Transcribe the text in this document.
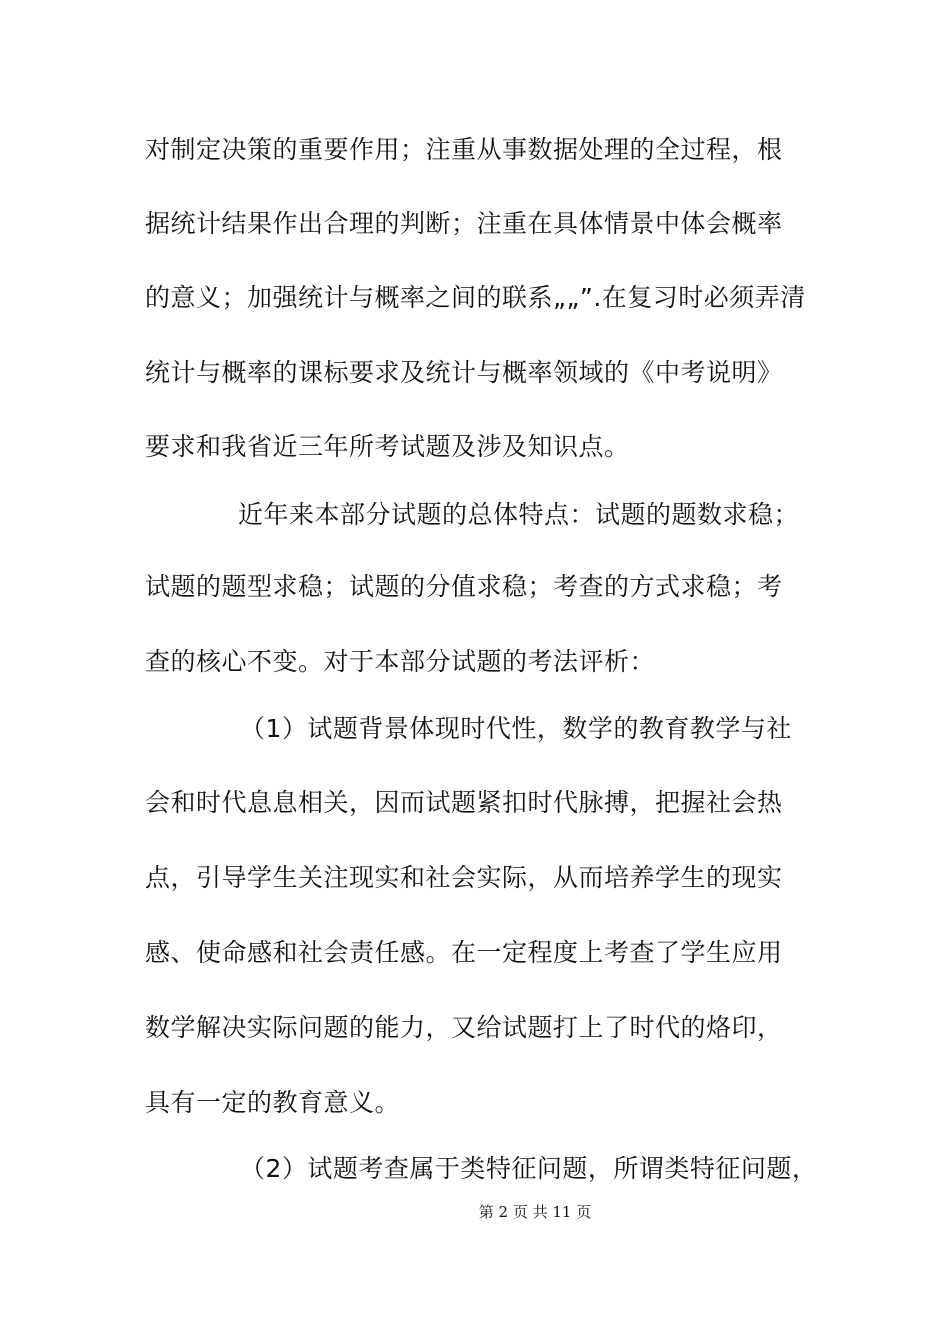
对制定决策的重要作用；注重从事数据处理的全过程，根
据统计结果作出合理的判断；注重在具体情景中体会概率
的意义；加强统计与概率之间的联系„„”.在复习时必须弄清
统计与概率的课标要求及统计与概率领域的《中考说明》
要求和我省近三年所考试题及涉及知识点。
近年来本部分试题的总体特点：试题的题数求稳；
试题的题型求稳；试题的分值求稳；考查的方式求稳；考
查的核心不变。对于本部分试题的考法评析：
（1）试题背景体现时代性，数学的教育教学与社
会和时代息息相关，因而试题紧扣时代脉搏，把握社会热
点，引导学生关注现实和社会实际，从而培养学生的现实
感、使命感和社会责任感。在一定程度上考查了学生应用
数学解决实际问题的能力，又给试题打上了时代的烙印，
具有一定的教育意义。
（2）试题考查属于类特征问题，所谓类特征问题，
第 2 页 共 11 页
